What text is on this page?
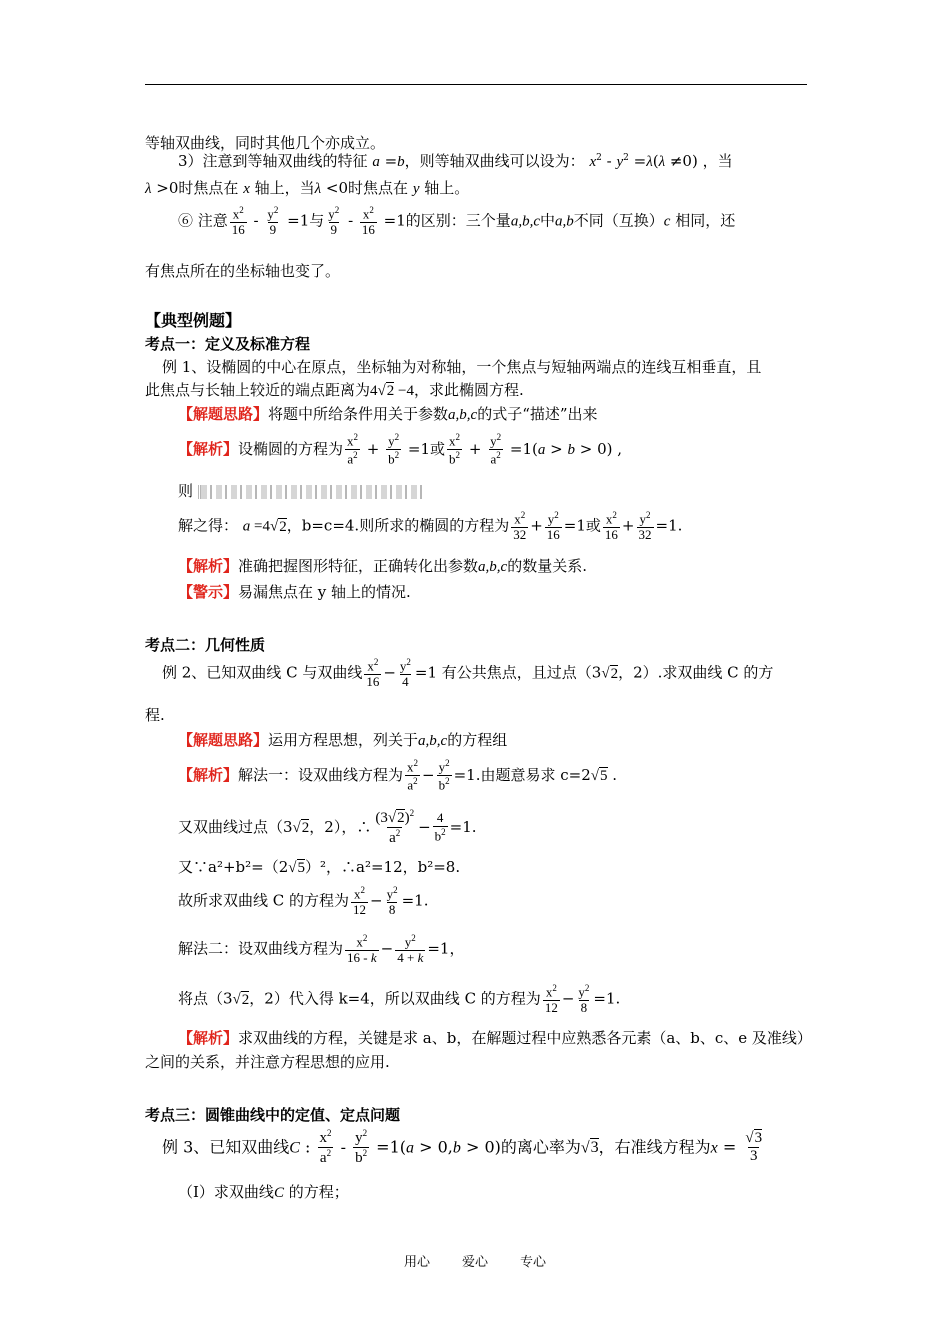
等轴双曲线，同时其他几个亦成立。
3）注意到等轴双曲线的特征 a =b，则等轴双曲线可以设为： $x^2 - y^2 =\lambda(\lambda \ne 0)$ ，当
λ >0时焦点在 x 轴上，当λ <0时焦点在 y 轴上。
⑥ 注意 $\frac{x^2}{16} - \frac{y^2}{9} =1$与 $\frac{y^2}{9} - \frac{x^2}{16} =1$的区别：三个量a,b,c中a,b不同（互换）c 相同，还
有焦点所在的坐标轴也变了。
【典型例题】
考点一：定义及标准方程
例 1、设椭圆的中心在原点，坐标轴为对称轴，一个焦点与短轴两端点的连线互相垂直，且
此焦点与长轴上较近的端点距离为4√2 −4，求此椭圆方程.
【解题思路】将题中所给条件用关于参数a,b,c的式子“描述”出来
【解析】设椭圆的方程为 $\frac{x^2}{a^2} + \frac{y^2}{b^2} =1$或 $\frac{x^2}{b^2} + \frac{y^2}{a^2} =1(a > b > 0)$ ,
则
解之得： a =4√2，b=c=4.则所求的椭圆的方程为 $\frac{x^2}{32} + \frac{y^2}{16} =1$或 $\frac{x^2}{16} + \frac{y^2}{32} =1$.
【解析】准确把握图形特征，正确转化出参数a,b,c的数量关系.
【警示】易漏焦点在 y 轴上的情况.
考点二：几何性质
例 2、已知双曲线 C 与双曲线 $\frac{x^2}{16} - \frac{y^2}{4} =1$ 有公共焦点，且过点（3√2，2）.求双曲线 C 的方
程.
【解题思路】运用方程思想，列关于a,b,c的方程组
【解析】解法一：设双曲线方程为 $\frac{x^2}{a^2} - \frac{y^2}{b^2} =1$.由题意易求 c=2√5 .
又双曲线过点（3√2，2），∴ $\frac{(3√2)^2}{a^2} - \frac{4}{b^2} =1$.
又∵a²+b²=（2√5）²，∴a²=12，b²=8.
故所求双曲线 C 的方程为 $\frac{x^2}{12} - \frac{y^2}{8} =1$.
解法二：设双曲线方程为 $\frac{x^2}{16 - k} - \frac{y^2}{4 + k} =1$，
将点（3√2，2）代入得 k=4，所以双曲线 C 的方程为 $\frac{x^2}{12} - \frac{y^2}{8} =1$.
【解析】求双曲线的方程，关键是求 a、b，在解题过程中应熟悉各元素（a、b、c、e 及准线）
之间的关系，并注意方程思想的应用.
考点三：圆锥曲线中的定值、定点问题
例 3、已知双曲线C : $\frac{x^2}{a^2} - \frac{y^2}{b^2} =1(a > 0,b > 0)$的离心率为√3，右准线方程为$x = \frac{√3}{3}$
（Ⅰ）求双曲线C 的方程；
用心 爱心 专心
